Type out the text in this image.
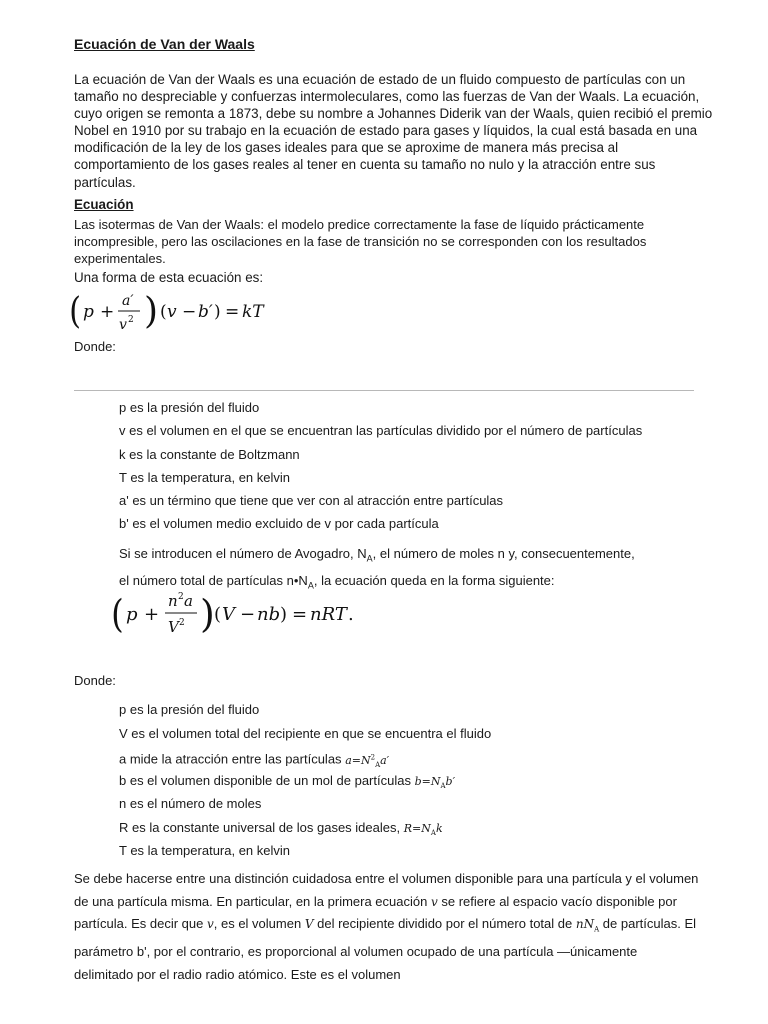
Ecuación de Van der Waals

La ecuación de Van der Waals es una ecuación de estado de un fluido compuesto de partículas con un tamaño no despreciable y confuerzas intermoleculares, como las fuerzas de Van der Waals. La ecuación, cuyo origen se remonta a 1873, debe su nombre a Johannes Diderik van der Waals, quien recibió el premio Nobel en 1910 por su trabajo en la ecuación de estado para gases y líquidos, la cual está basada en una modificación de la ley de los gases ideales para que se aproxime de manera más precisa al comportamiento de los gases reales al tener en cuenta su tamaño no nulo y la atracción entre sus partículas.

Ecuación

Las isotermas de Van der Waals: el modelo predice correctamente la fase de líquido prácticamente incompresible, pero las oscilaciones en la fase de transición no se corresponden con los resultados experimentales.

Una forma de esta ecuación es:

( p +
a′
v 2 ) ( v − b′ ) = kT

Donde:

p es la presión del fluido
v es el volumen en el que se encuentran las partículas dividido por el número de partículas
k es la constante de Boltzmann
T es la temperatura, en kelvin
a' es un término que tiene que ver con al atracción entre partículas
b' es el volumen medio excluido de v por cada partícula

Si se introducen el número de Avogadro, $N_A$, el número de moles n y, consecuentemente,
el número total de partículas $n•N_A$, la ecuación queda en la forma siguiente:

( p +
n 2 a
V 2 ) ( V − nb ) = nRT .

Donde:

p es la presión del fluido
V es el volumen total del recipiente en que se encuentra el fluido
a mide la atracción entre las partículas $a=N^2_Aa'$
b es el volumen disponible de un mol de partículas $b=N_Ab'$
n es el número de moles
R es la constante universal de los gases ideales, $R=N_Ak$
T es la temperatura, en kelvin

Se debe hacerse entre una distinción cuidadosa entre el volumen disponible para una partícula y el volumen de una partícula misma. En particular, en la primera ecuación v se refiere al espacio vacío disponible por partícula. Es decir que v, es el volumen V del recipiente dividido por el número total de $nN_A$ de partículas. El parámetro b', por el contrario, es proporcional al volumen ocupado de una partícula —únicamente delimitado por el radio radio atómico. Este es el volumen
